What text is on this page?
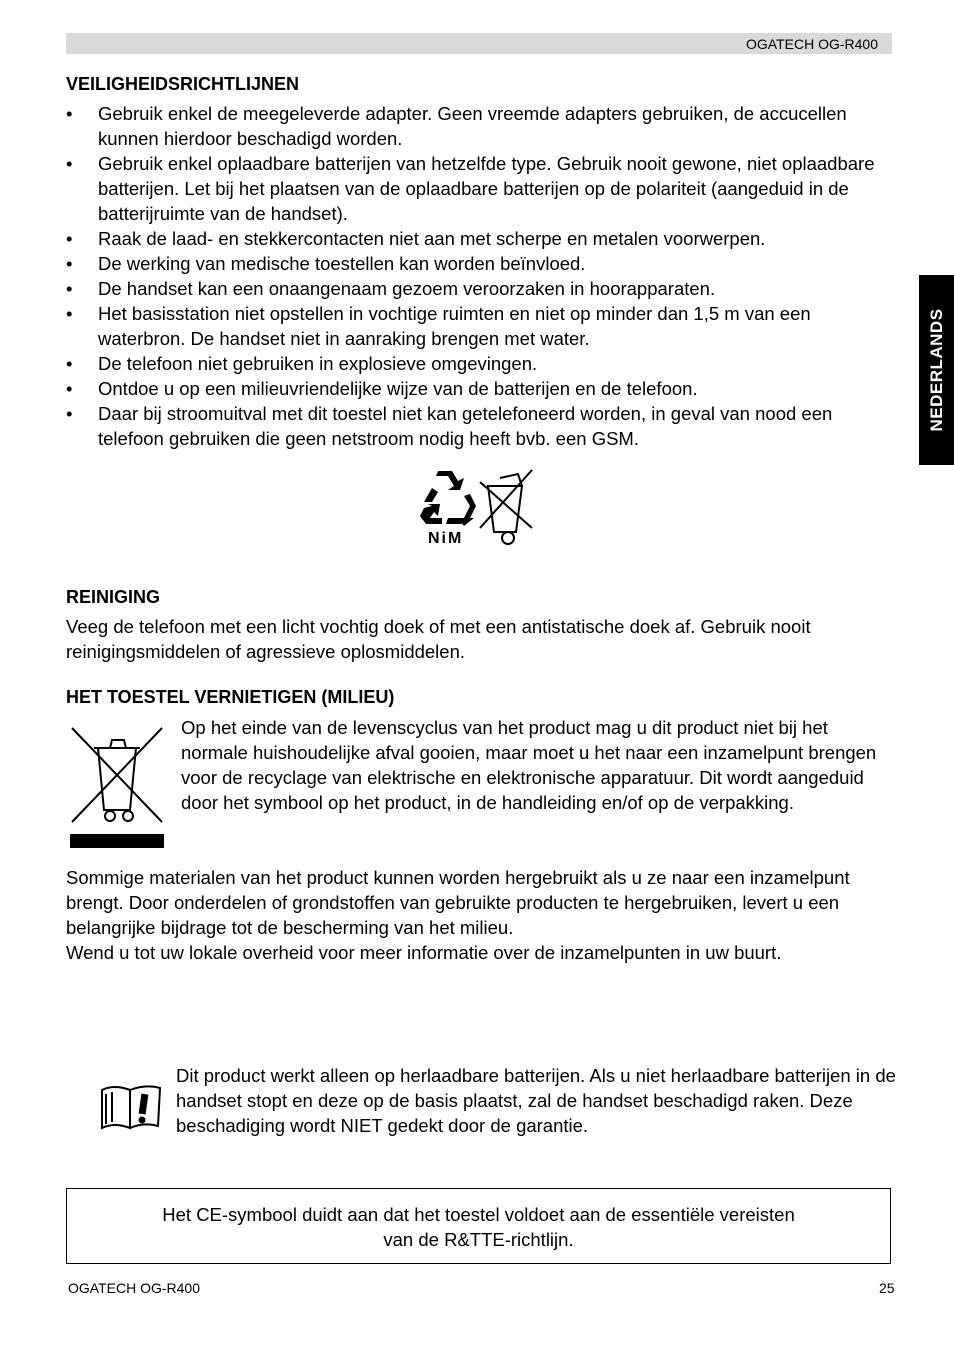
OGATECH OG-R400
NEDERLANDS
VEILIGHEIDSRICHTLIJNEN
• Gebruik enkel de meegeleverde adapter. Geen vreemde adapters gebruiken, de accucellen kunnen hierdoor beschadigd worden.
• Gebruik enkel oplaadbare batterijen van hetzelfde type. Gebruik nooit gewone, niet oplaadbare batterijen. Let bij het plaatsen van de oplaadbare batterijen op de polariteit (aangeduid in de batterijruimte van de handset).
• Raak de laad- en stekkercontacten niet aan met scherpe en metalen voorwerpen.
• De werking van medische toestellen kan worden beïnvloed.
• De handset kan een onaangenaam gezoem veroorzaken in hoorapparaten.
• Het basisstation niet opstellen in vochtige ruimten en niet op minder dan 1,5 m van een waterbron. De handset niet in aanraking brengen met water.
• De telefoon niet gebruiken in explosieve omgevingen.
• Ontdoe u op een milieuvriendelijke wijze van de batterijen en de telefoon.
• Daar bij stroomuitval met dit toestel niet kan getelefoneerd worden, in geval van nood een telefoon gebruiken die geen netstroom nodig heeft bvb. een GSM.
NiM
REINIGING
Veeg de telefoon met een licht vochtig doek of met een antistatische doek af. Gebruik nooit reinigingsmiddelen of agressieve oplosmiddelen.
HET TOESTEL VERNIETIGEN (MILIEU)
Op het einde van de levenscyclus van het product mag u dit product niet bij het normale huishoudelijke afval gooien, maar moet u het naar een inzamelpunt brengen voor de recyclage van elektrische en elektronische apparatuur. Dit wordt aangeduid door het symbool op het product, in de handleiding en/of op de verpakking.
Sommige materialen van het product kunnen worden hergebruikt als u ze naar een inzamelpunt brengt. Door onderdelen of grondstoffen van gebruikte producten te hergebruiken, levert u een belangrijke bijdrage tot de bescherming van het milieu.
Wend u tot uw lokale overheid voor meer informatie over de inzamelpunten in uw buurt.
Dit product werkt alleen op herlaadbare batterijen. Als u niet herlaadbare batterijen in de handset stopt en deze op de basis plaatst, zal de handset beschadigd raken. Deze beschadiging wordt NIET gedekt door de garantie.
Het CE-symbool duidt aan dat het toestel voldoet aan de essentiële vereisten
van de R&TTE-richtlijn.
OGATECH OG-R400	25
